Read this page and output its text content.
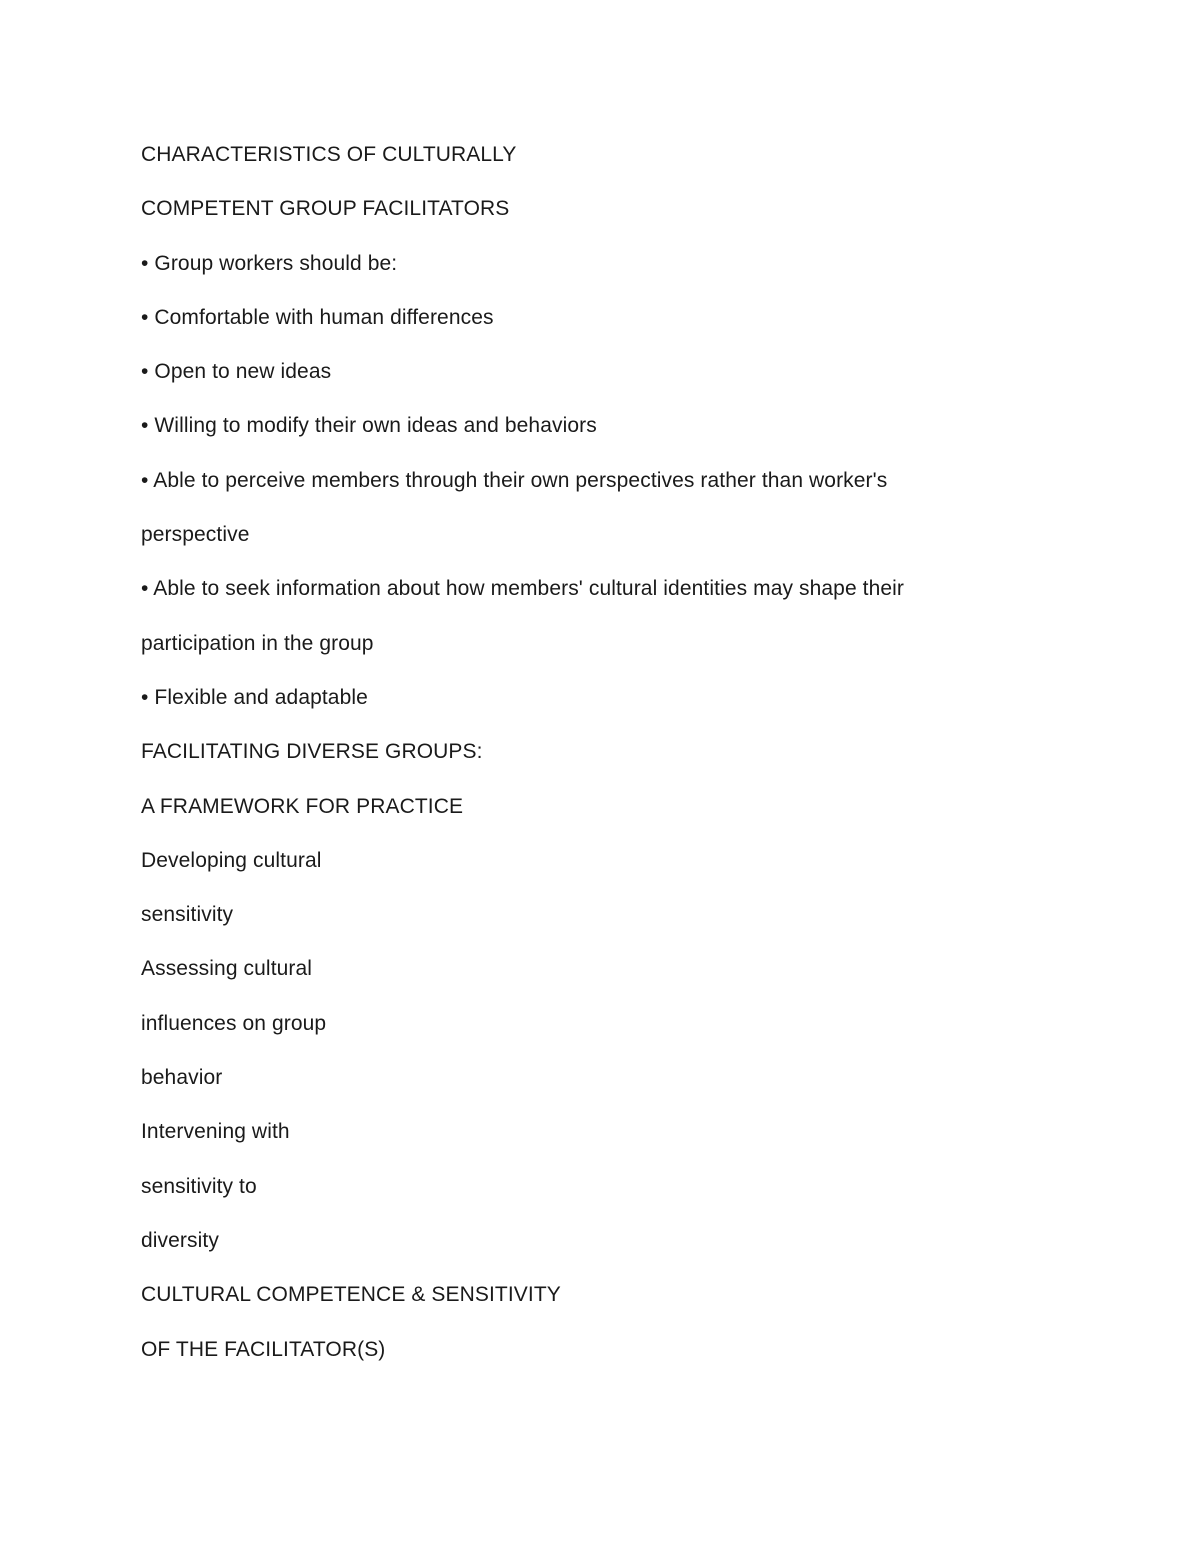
CHARACTERISTICS OF CULTURALLY
COMPETENT GROUP FACILITATORS
• Group workers should be:
• Comfortable with human differences
• Open to new ideas
• Willing to modify their own ideas and behaviors
• Able to perceive members through their own perspectives rather than worker's
perspective
• Able to seek information about how members' cultural identities may shape their
participation in the group
• Flexible and adaptable
FACILITATING DIVERSE GROUPS:
A FRAMEWORK FOR PRACTICE
Developing cultural
sensitivity
Assessing cultural
influences on group
behavior
Intervening with
sensitivity to
diversity
CULTURAL COMPETENCE & SENSITIVITY
OF THE FACILITATOR(S)
